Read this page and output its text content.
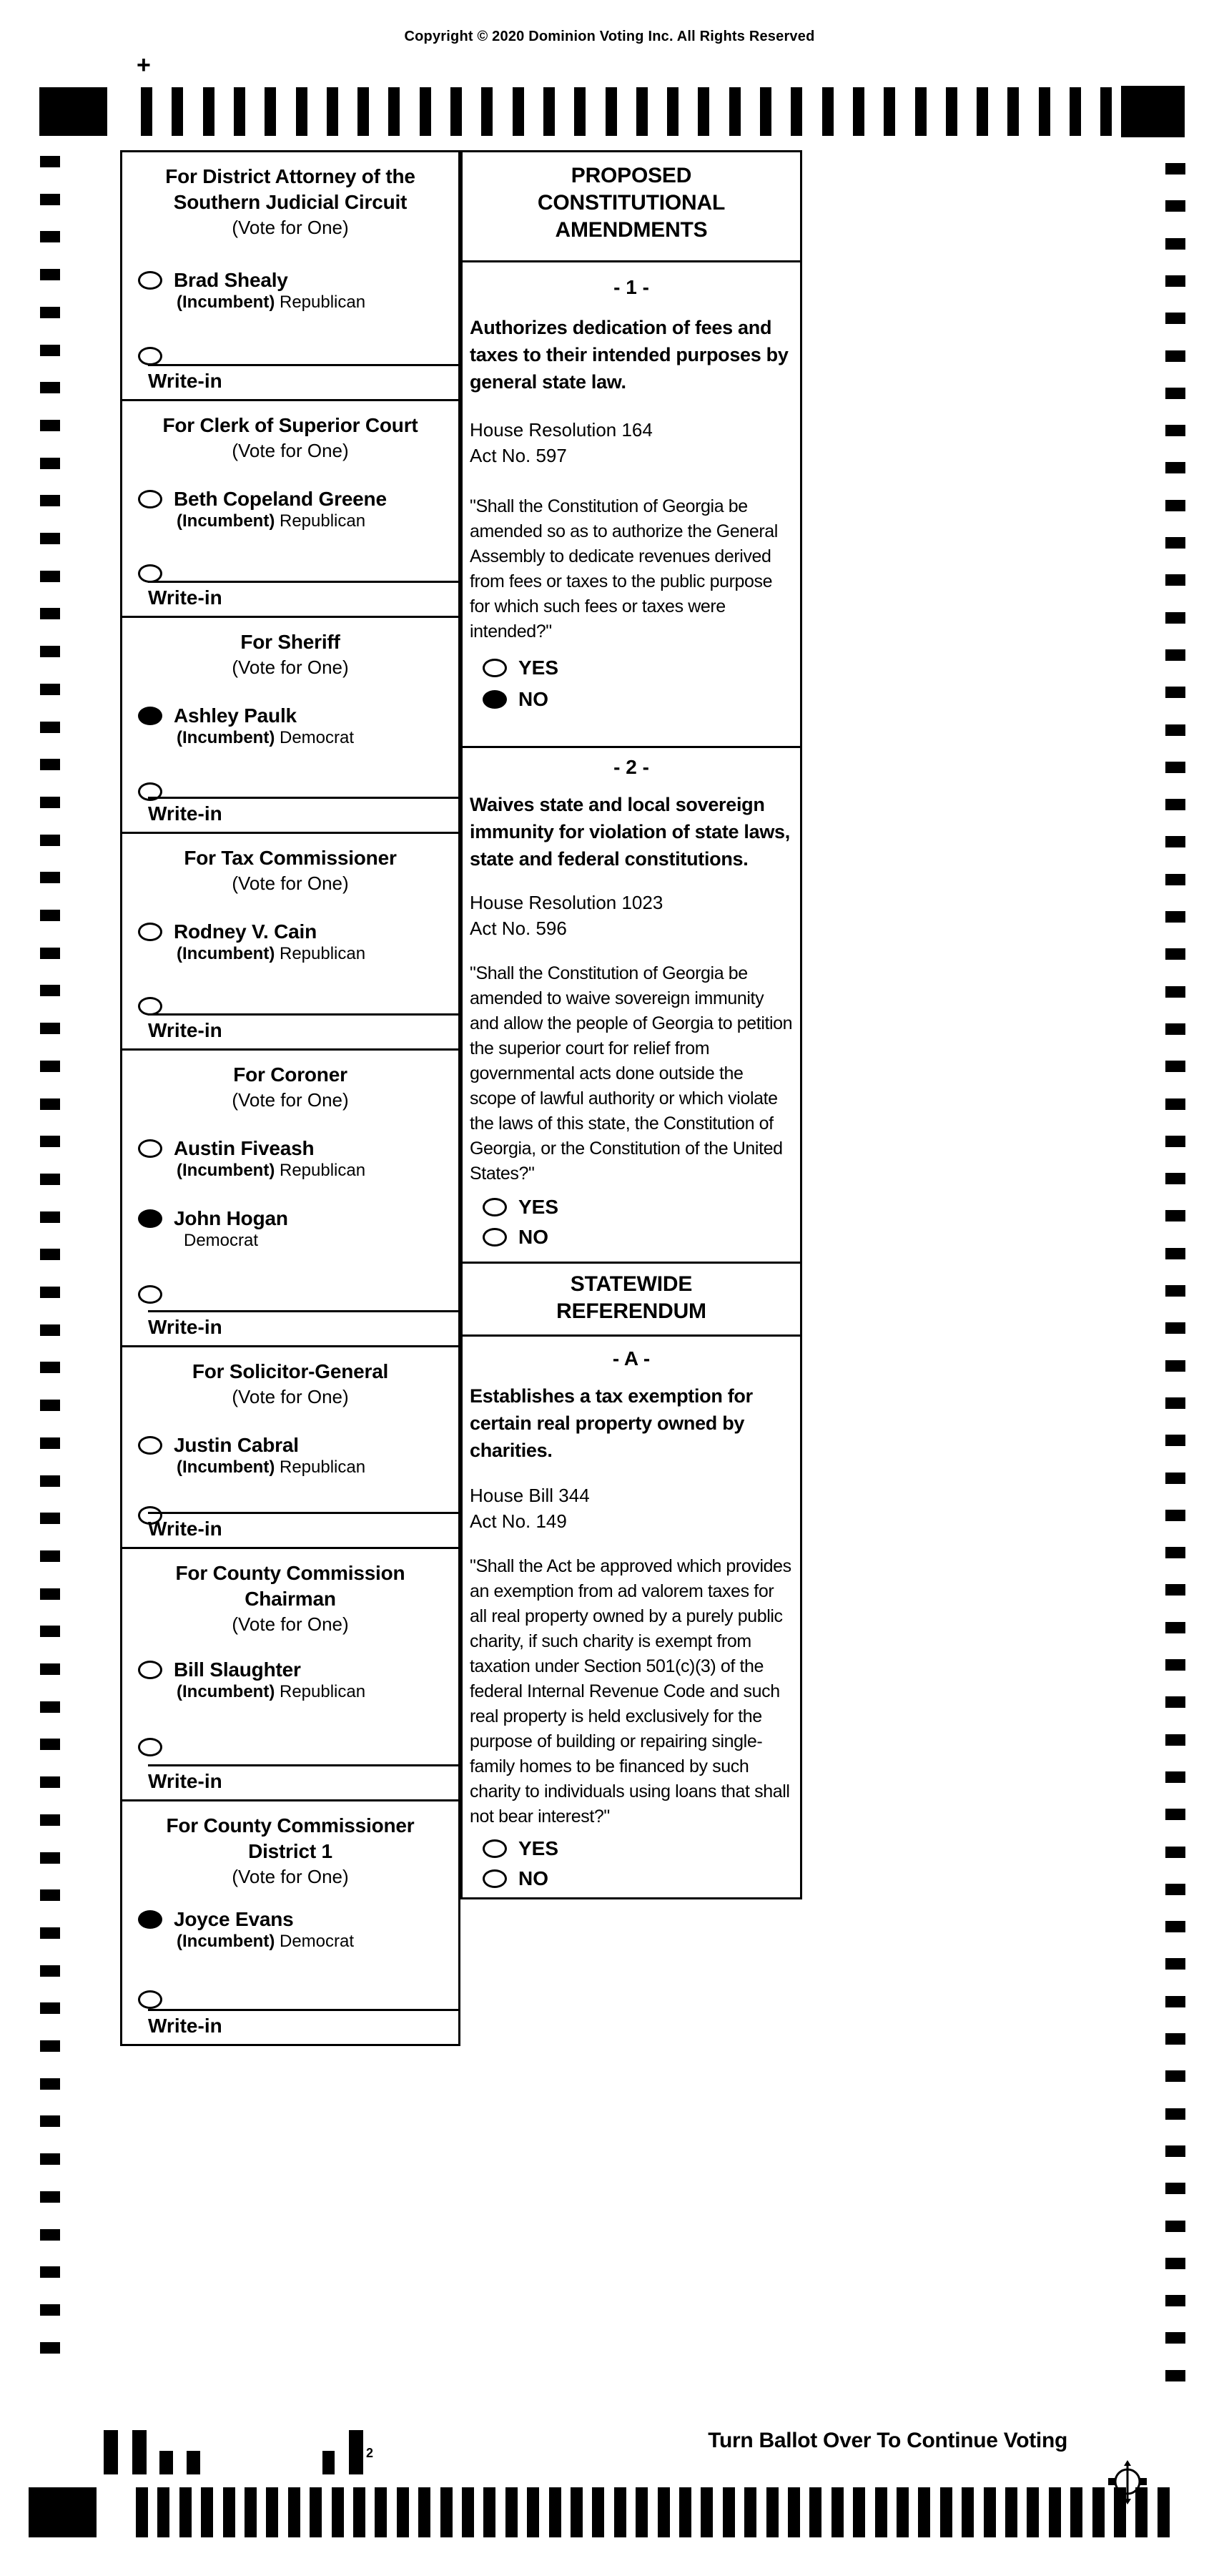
Copyright © 2020 Dominion Voting Inc. All Rights Reserved
+
For District Attorney of the
Southern Judicial Circuit
(Vote for One)
Brad Shealy
(Incumbent) Republican
Write-in
For Clerk of Superior Court
(Vote for One)
Beth Copeland Greene
(Incumbent) Republican
Write-in
For Sheriff
(Vote for One)
Ashley Paulk
(Incumbent) Democrat
Write-in
For Tax Commissioner
(Vote for One)
Rodney V. Cain
(Incumbent) Republican
Write-in
For Coroner
(Vote for One)
Austin Fiveash
(Incumbent) Republican
John Hogan
Democrat
Write-in
For Solicitor-General
(Vote for One)
Justin Cabral
(Incumbent) Republican
Write-in
For County Commission
Chairman
(Vote for One)
Bill Slaughter
(Incumbent) Republican
Write-in
For County Commissioner
District 1
(Vote for One)
Joyce Evans
(Incumbent) Democrat
Write-in
PROPOSED
CONSTITUTIONAL
AMENDMENTS
- 1 -
Authorizes dedication of fees and taxes to their intended purposes by general state law.
House Resolution 164
Act No. 597
"Shall the Constitution of Georgia be amended so as to authorize the General Assembly to dedicate revenues derived from fees or taxes to the public purpose for which such fees or taxes were intended?"
YES
NO
- 2 -
Waives state and local sovereign immunity for violation of state laws, state and federal constitutions.
House Resolution 1023
Act No. 596
"Shall the Constitution of Georgia be amended to waive sovereign immunity and allow the people of Georgia to petition the superior court for relief from governmental acts done outside the scope of lawful authority or which violate the laws of this state, the Constitution of Georgia, or the Constitution of the United States?"
YES
NO
STATEWIDE
REFERENDUM
- A -
Establishes a tax exemption for certain real property owned by charities.
House Bill 344
Act No. 149
"Shall the Act be approved which provides an exemption from ad valorem taxes for all real property owned by a purely public charity, if such charity is exempt from taxation under Section 501(c)(3) of the federal Internal Revenue Code and such real property is held exclusively for the purpose of building or repairing single-family homes to be financed by such charity to individuals using loans that shall not bear interest?"
YES
NO
Turn Ballot Over To Continue Voting
2
